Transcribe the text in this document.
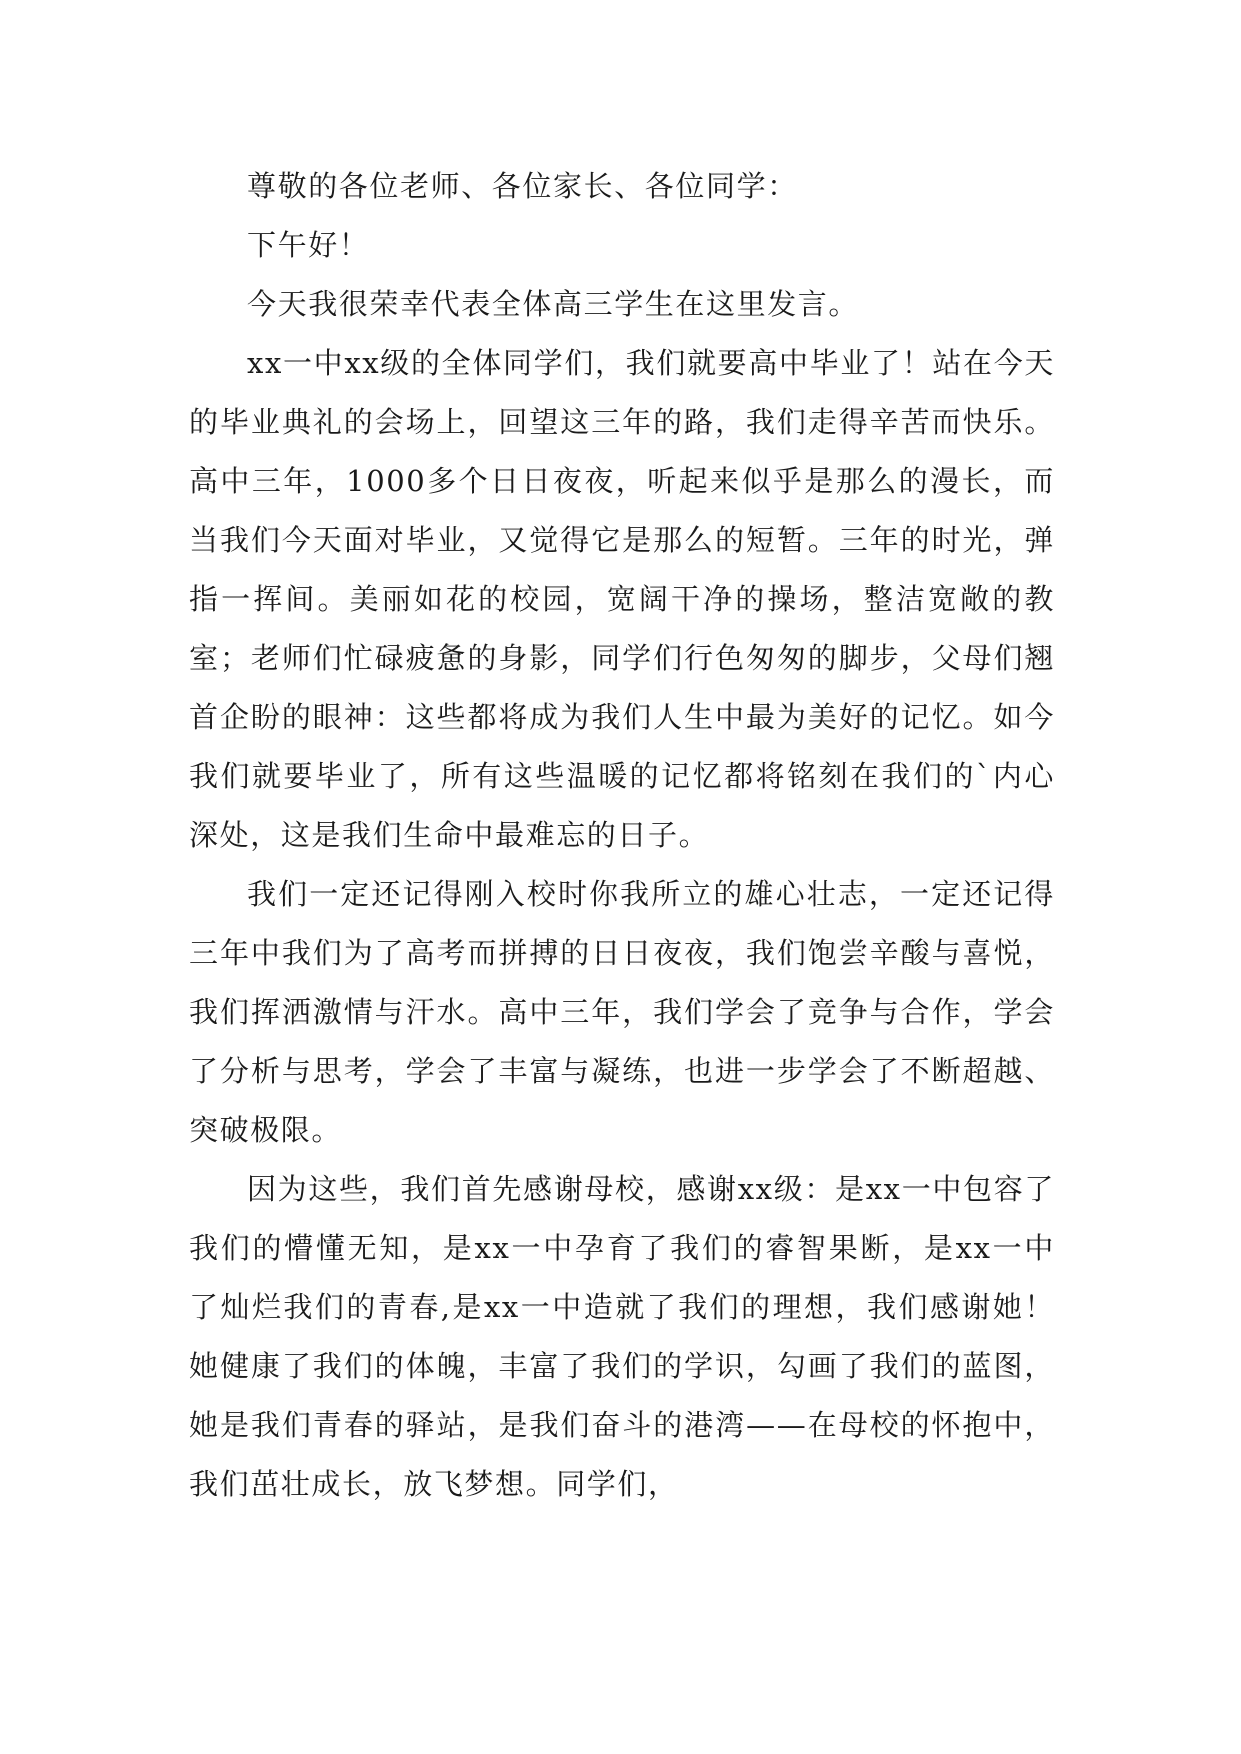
尊敬的各位老师、各位家长、各位同学：

下午好！

今天我很荣幸代表全体高三学生在这里发言。

xx一中xx级的全体同学们，我们就要高中毕业了！站在今天的毕业典礼的会场上，回望这三年的路，我们走得辛苦而快乐。高中三年，1000多个日日夜夜，听起来似乎是那么的漫长，而当我们今天面对毕业，又觉得它是那么的短暂。三年的时光，弹指一挥间。美丽如花的校园，宽阔干净的操场，整洁宽敞的教室；老师们忙碌疲惫的身影，同学们行色匆匆的脚步，父母们翘首企盼的眼神：这些都将成为我们人生中最为美好的记忆。如今我们就要毕业了，所有这些温暖的记忆都将铭刻在我们的`内心深处，这是我们生命中最难忘的日子。

我们一定还记得刚入校时你我所立的雄心壮志，一定还记得三年中我们为了高考而拼搏的日日夜夜，我们饱尝辛酸与喜悦，我们挥洒激情与汗水。高中三年，我们学会了竞争与合作，学会了分析与思考，学会了丰富与凝练，也进一步学会了不断超越、突破极限。

因为这些，我们首先感谢母校，感谢xx级：是xx一中包容了我们的懵懂无知，是xx一中孕育了我们的睿智果断，是xx一中了灿烂我们的青春,是xx一中造就了我们的理想，我们感谢她！她健康了我们的体魄，丰富了我们的学识，勾画了我们的蓝图，她是我们青春的驿站，是我们奋斗的港湾——在母校的怀抱中，我们茁壮成长，放飞梦想。同学们，
